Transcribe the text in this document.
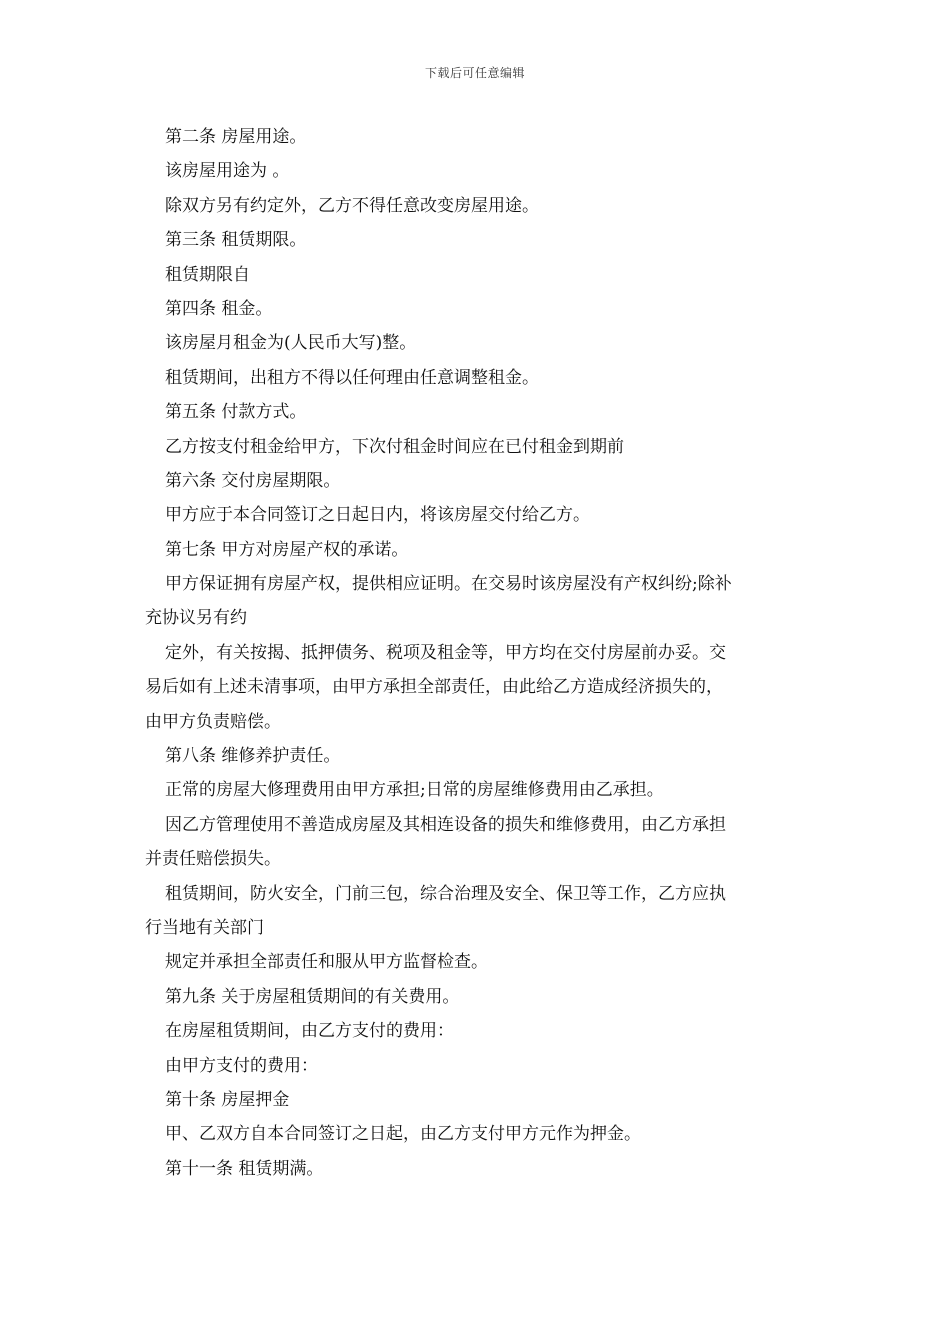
下载后可任意编辑
第二条 房屋用途。
该房屋用途为 。
除双方另有约定外，乙方不得任意改变房屋用途。
第三条 租赁期限。
租赁期限自
第四条 租金。
该房屋月租金为(人民币大写)整。
租赁期间，出租方不得以任何理由任意调整租金。
第五条 付款方式。
乙方按支付租金给甲方，下次付租金时间应在已付租金到期前
第六条 交付房屋期限。
甲方应于本合同签订之日起日内，将该房屋交付给乙方。
第七条 甲方对房屋产权的承诺。
甲方保证拥有房屋产权，提供相应证明。在交易时该房屋没有产权纠纷;除补
充协议另有约
定外，有关按揭、抵押债务、税项及租金等，甲方均在交付房屋前办妥。交
易后如有上述未清事项，由甲方承担全部责任，由此给乙方造成经济损失的，
由甲方负责赔偿。
第八条 维修养护责任。
正常的房屋大修理费用由甲方承担;日常的房屋维修费用由乙承担。
因乙方管理使用不善造成房屋及其相连设备的损失和维修费用，由乙方承担
并责任赔偿损失。
租赁期间，防火安全，门前三包，综合治理及安全、保卫等工作，乙方应执
行当地有关部门
规定并承担全部责任和服从甲方监督检查。
第九条 关于房屋租赁期间的有关费用。
在房屋租赁期间，由乙方支付的费用：
由甲方支付的费用：
第十条 房屋押金
甲、乙双方自本合同签订之日起，由乙方支付甲方元作为押金。
第十一条 租赁期满。
